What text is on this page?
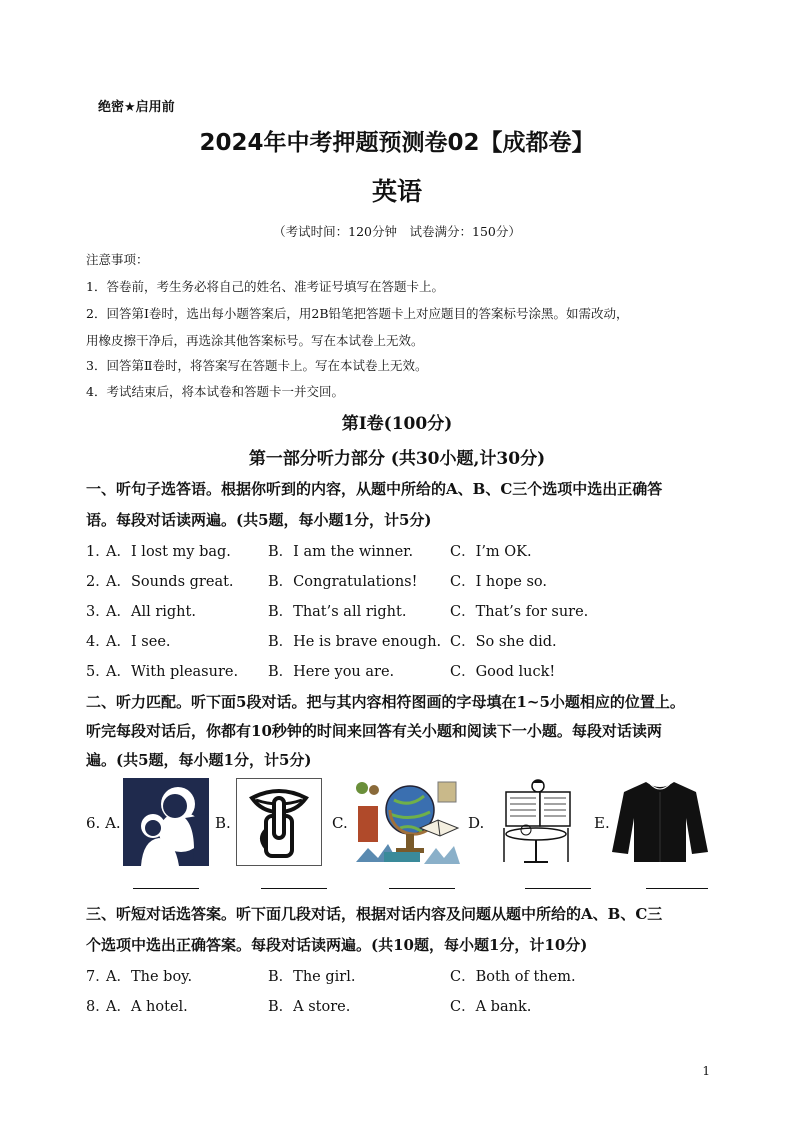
绝密★启用前
2024年中考押题预测卷02【成都卷】
英语
（考试时间：120分钟　试卷满分：150分）
注意事项：
1．答卷前，考生务必将自己的姓名、准考证号填写在答题卡上。
2．回答第Ⅰ卷时，选出每小题答案后，用2B铅笔把答题卡上对应题目的答案标号涂黑。如需改动，
用橡皮擦干净后，再选涂其他答案标号。写在本试卷上无效。
3．回答第Ⅱ卷时，将答案写在答题卡上。写在本试卷上无效。
4．考试结束后，将本试卷和答题卡一并交回。
第Ⅰ卷(100分)
第一部分听力部分 (共30小题,计30分)
一、听句子选答语。根据你听到的内容，从题中所给的A、B、C三个选项中选出正确答
语。每段对话读两遍。(共5题，每小题1分，计5分)
1．
A．I lost my bag.	B．I am the winner.	C．I’m OK.
2．
A．Sounds great. B．Congratulations! C．I hope so.
3．
A．All right.	B．That’s all right.	C．That’s for sure.
4．
A．I see.	B．He is brave enough. C．So she did.
5．
A．With pleasure. B．Here you are.	C．Good luck!
二、听力匹配。听下面5段对话。把与其内容相符图画的字母填在1~5小题相应的位置上。
听完每段对话后，你都有10秒钟的时间来回答有关小题和阅读下一小题。每段对话读两
遍。(共5题，每小题1分，计5分)
6. A.	B.	C.	D.	E.
三、听短对话选答案。听下面几段对话，根据对话内容及问题从题中所给的A、B、C三
个选项中选出正确答案。每段对话读两遍。(共10题，每小题1分，计10分)
7．
A．The boy.	B．The girl.	C．Both of them.
8．
A．A hotel.	B．A store.	C．A bank.
1
